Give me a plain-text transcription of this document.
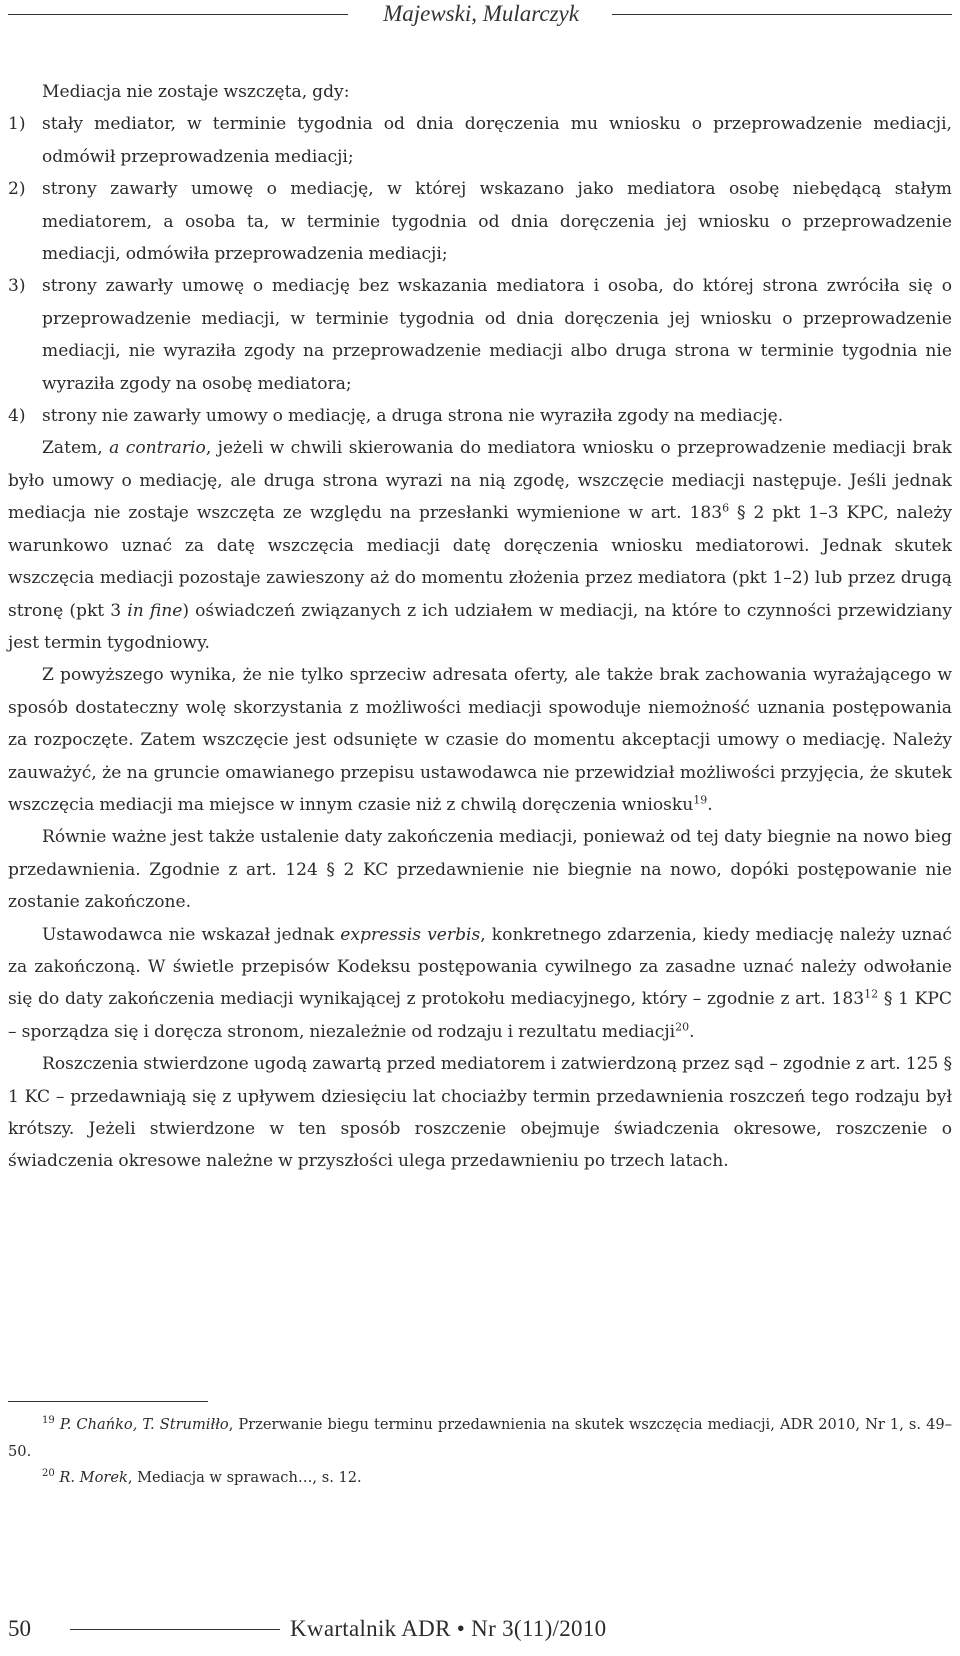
Majewski, Mularczyk

Mediacja nie zostaje wszczęta, gdy:

1) stały mediator, w terminie tygodnia od dnia doręczenia mu wniosku o przeprowadzenie mediacji, odmówił przeprowadzenia mediacji;

2) strony zawarły umowę o mediację, w której wskazano jako mediatora osobę niebędącą stałym mediatorem, a osoba ta, w terminie tygodnia od dnia doręczenia jej wniosku o przeprowadzenie mediacji, odmówiła przeprowadzenia mediacji;

3) strony zawarły umowę o mediację bez wskazania mediatora i osoba, do której strona zwróciła się o przeprowadzenie mediacji, w terminie tygodnia od dnia doręczenia jej wniosku o przeprowadzenie mediacji, nie wyraziła zgody na przeprowadzenie mediacji albo druga strona w terminie tygodnia nie wyraziła zgody na osobę mediatora;

4) strony nie zawarły umowy o mediację, a druga strona nie wyraziła zgody na mediację.

Zatem, a contrario, jeżeli w chwili skierowania do mediatora wniosku o przeprowadzenie mediacji brak było umowy o mediację, ale druga strona wyrazi na nią zgodę, wszczęcie mediacji następuje. Jeśli jednak mediacja nie zostaje wszczęta ze względu na przesłanki wymienione w art. $183^6$ § 2 pkt 1–3 KPC, należy warunkowo uznać za datę wszczęcia mediacji datę doręczenia wniosku mediatorowi. Jednak skutek wszczęcia mediacji pozostaje zawieszony aż do momentu złożenia przez mediatora (pkt 1–2) lub przez drugą stronę (pkt 3 in fine) oświadczeń związanych z ich udziałem w mediacji, na które to czynności przewidziany jest termin tygodniowy.

Z powyższego wynika, że nie tylko sprzeciw adresata oferty, ale także brak zachowania wyrażającego w sposób dostateczny wolę skorzystania z możliwości mediacji spowoduje niemożność uznania postępowania za rozpoczęte. Zatem wszczęcie jest odsunięte w czasie do momentu akceptacji umowy o mediację. Należy zauważyć, że na gruncie omawianego przepisu ustawodawca nie przewidział możliwości przyjęcia, że skutek wszczęcia mediacji ma miejsce w innym czasie niż z chwilą doręczenia wniosku$^{19}$.

Równie ważne jest także ustalenie daty zakończenia mediacji, ponieważ od tej daty biegnie na nowo bieg przedawnienia. Zgodnie z art. 124 § 2 KC przedawnienie nie biegnie na nowo, dopóki postępowanie nie zostanie zakończone.

Ustawodawca nie wskazał jednak expressis verbis, konkretnego zdarzenia, kiedy mediację należy uznać za zakończoną. W świetle przepisów Kodeksu postępowania cywilnego za zasadne uznać należy odwołanie się do daty zakończenia mediacji wynikającej z protokołu mediacyjnego, który – zgodnie z art. $183^{12}$ § 1 KPC – sporządza się i doręcza stronom, niezależnie od rodzaju i rezultatu mediacji$^{20}$.

Roszczenia stwierdzone ugodą zawartą przed mediatorem i zatwierdzoną przez sąd – zgodnie z art. 125 § 1 KC – przedawniają się z upływem dziesięciu lat chociażby termin przedawnienia roszczeń tego rodzaju był krótszy. Jeżeli stwierdzone w ten sposób roszczenie obejmuje świadczenia okresowe, roszczenie o świadczenia okresowe należne w przyszłości ulega przedawnieniu po trzech latach.

$^{19}$ P. Chańko, T. Strumiłło, Przerwanie biegu terminu przedawnienia na skutek wszczęcia mediacji, ADR 2010, Nr 1, s. 49–50.

$^{20}$ R. Morek, Mediacja w sprawach…, s. 12.

50	Kwartalnik ADR • Nr 3(11)/2010
